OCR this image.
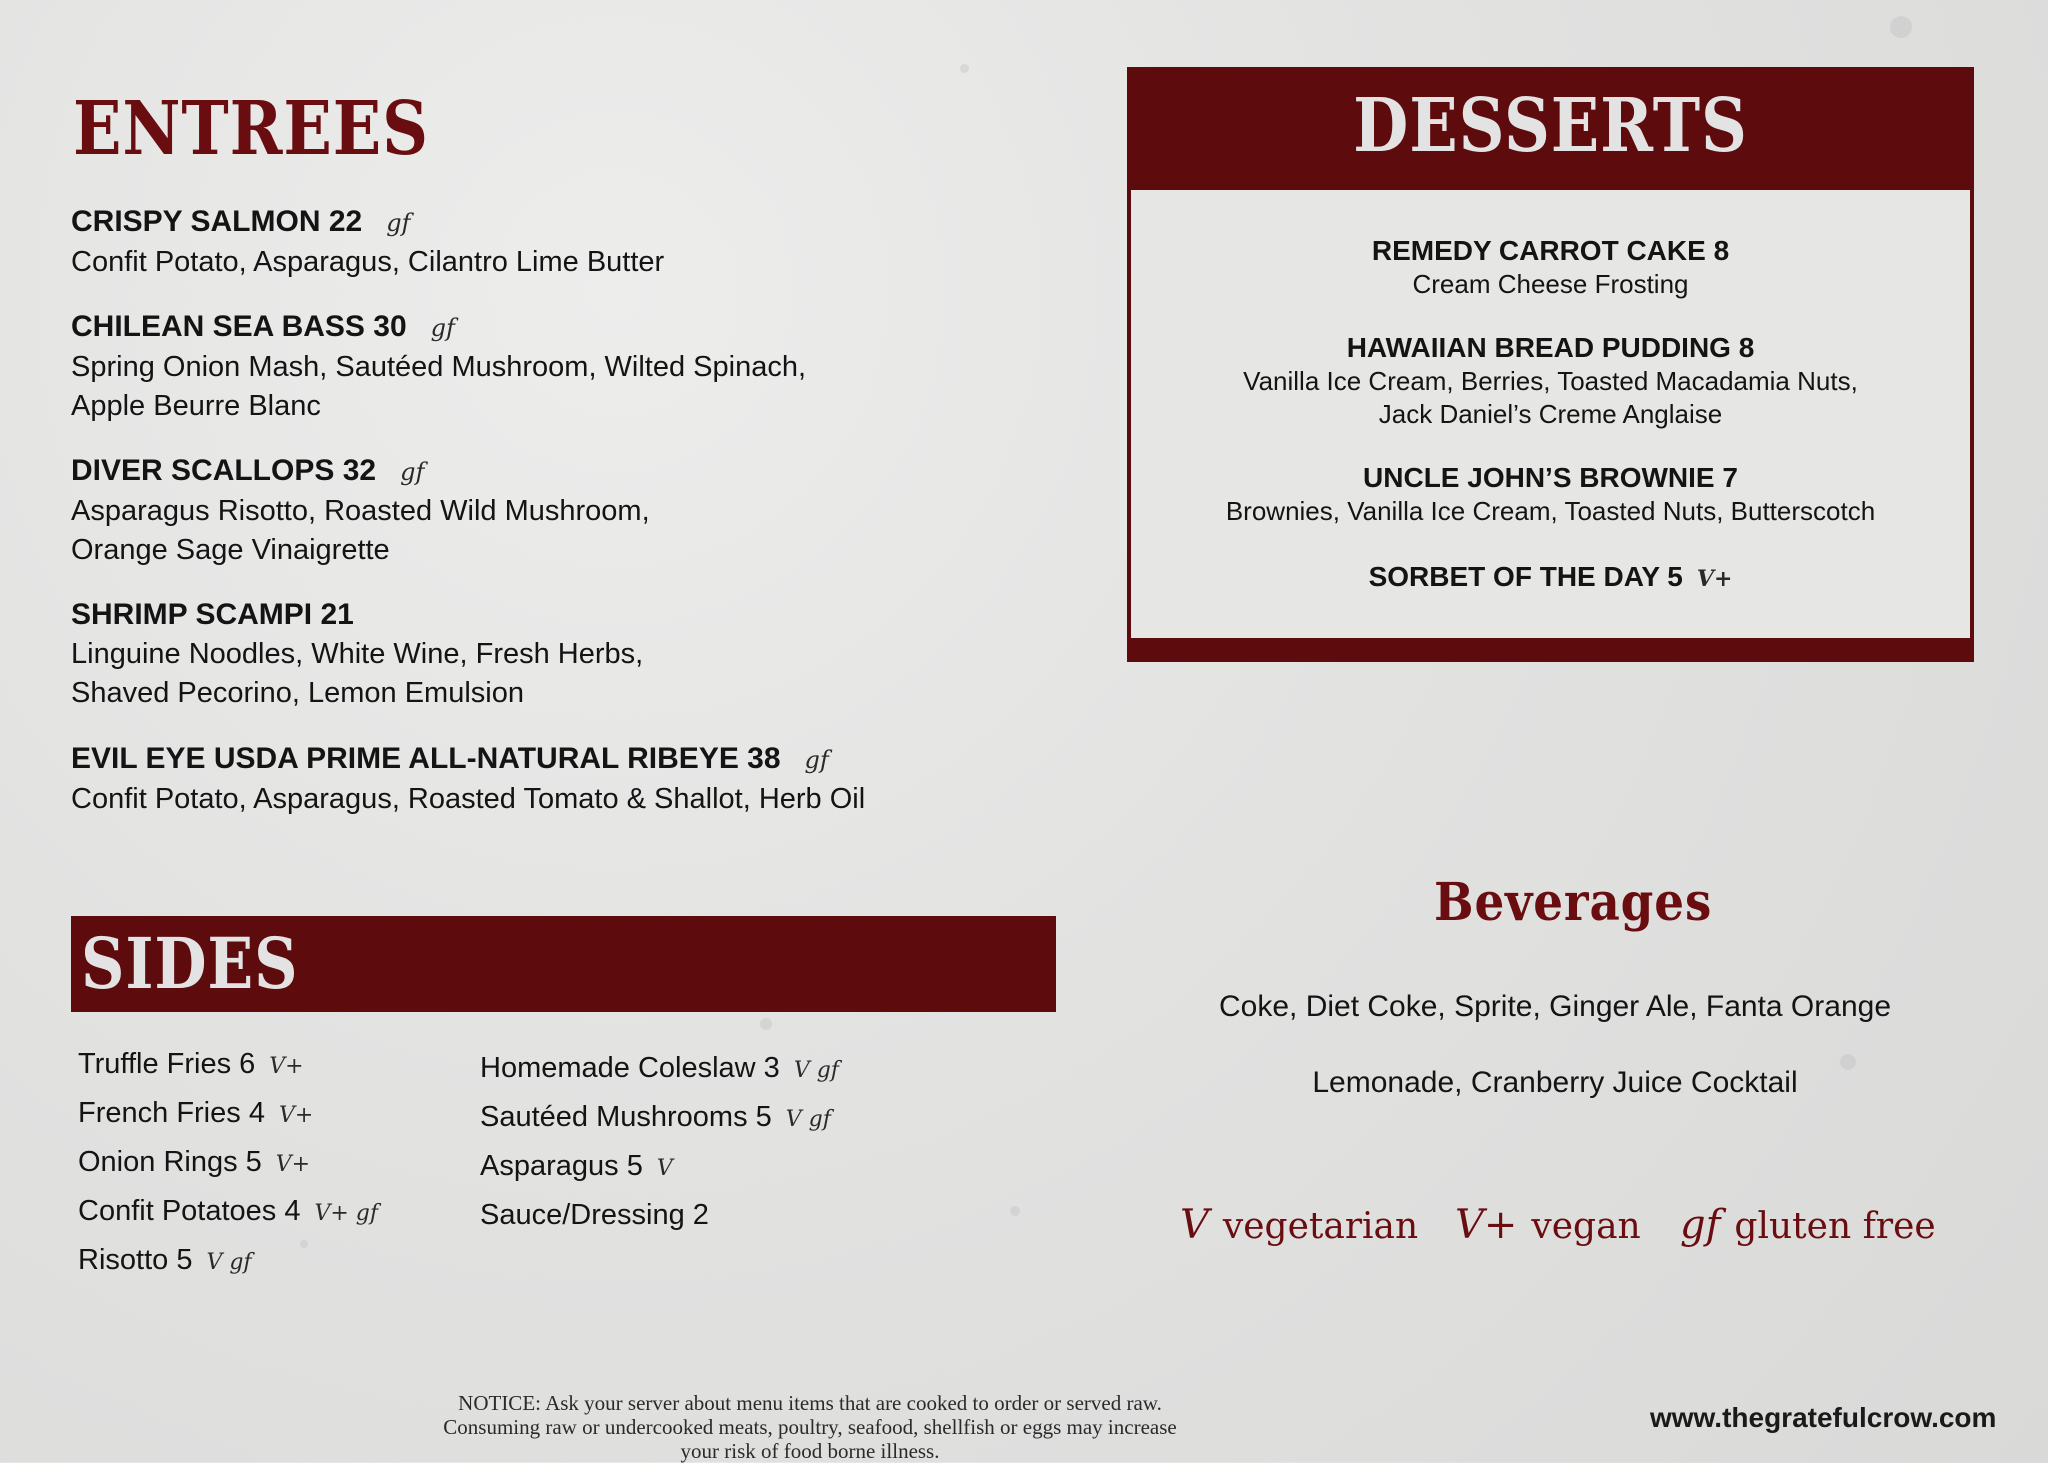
ENTREES
CRISPY SALMON 22 gf
Confit Potato, Asparagus, Cilantro Lime Butter
CHILEAN SEA BASS 30 gf
Spring Onion Mash, Sautéed Mushroom, Wilted Spinach,
Apple Beurre Blanc
DIVER SCALLOPS 32 gf
Asparagus Risotto, Roasted Wild Mushroom,
Orange Sage Vinaigrette
SHRIMP SCAMPI 21
Linguine Noodles, White Wine, Fresh Herbs,
Shaved Pecorino, Lemon Emulsion
EVIL EYE USDA PRIME ALL-NATURAL RIBEYE 38 gf
Confit Potato, Asparagus, Roasted Tomato & Shallot, Herb Oil
SIDES
Truffle Fries 6 V+
French Fries 4 V+
Onion Rings 5 V+
Confit Potatoes 4 V+ gf
Risotto 5 V gf
Homemade Coleslaw 3 V gf
Sautéed Mushrooms 5 V gf
Asparagus 5 V
Sauce/Dressing 2
DESSERTS
REMEDY CARROT CAKE 8
Cream Cheese Frosting
HAWAIIAN BREAD PUDDING 8
Vanilla Ice Cream, Berries, Toasted Macadamia Nuts,
Jack Daniel’s Creme Anglaise
UNCLE JOHN’S BROWNIE 7
Brownies, Vanilla Ice Cream, Toasted Nuts, Butterscotch
SORBET OF THE DAY 5 V+
Beverages
Coke, Diet Coke, Sprite, Ginger Ale, Fanta Orange
Lemonade, Cranberry Juice Cocktail
V vegetarian V+ vegan gf gluten free
NOTICE: Ask your server about menu items that are cooked to order or served raw.
Consuming raw or undercooked meats, poultry, seafood, shellfish or eggs may increase your risk of food borne illness.
www.thegratefulcrow.com
